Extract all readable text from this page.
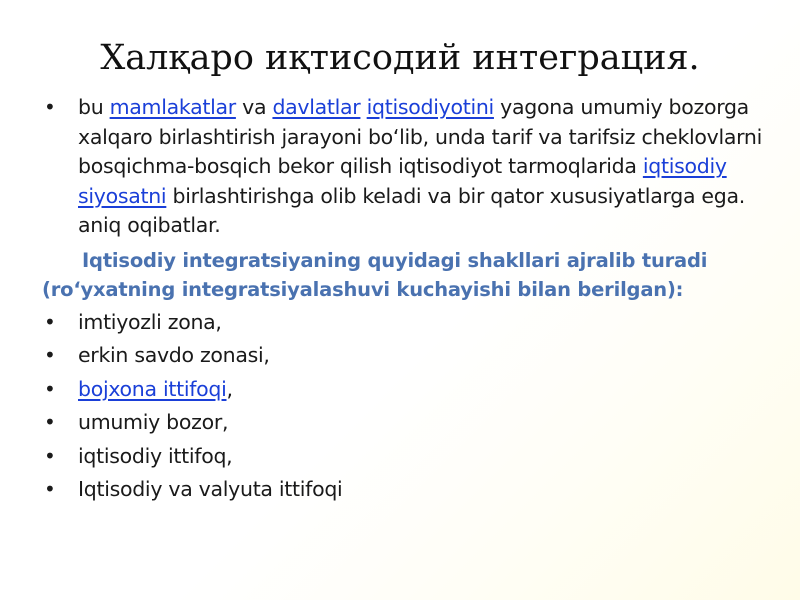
Халқаро иқтисодий интеграция.
•	bu mamlakatlar va davlatlar iqtisodiyotini yagona umumiy bozorga xalqaro birlashtirish jarayoni bo‘lib, unda tarif va tarifsiz cheklovlarni bosqichma-bosqich bekor qilish iqtisodiyot tarmoqlarida iqtisodiy siyosatni birlashtirishga olib keladi va bir qator xususiyatlarga ega. aniq oqibatlar.
Iqtisodiy integratsiyaning quyidagi shakllari ajralib turadi (ro‘yxatning integratsiyalashuvi kuchayishi bilan berilgan):
•	imtiyozli zona,
•	erkin savdo zonasi,
•	bojxona ittifoqi,
•	umumiy bozor,
•	iqtisodiy ittifoq,
•	Iqtisodiy va valyuta ittifoqi
